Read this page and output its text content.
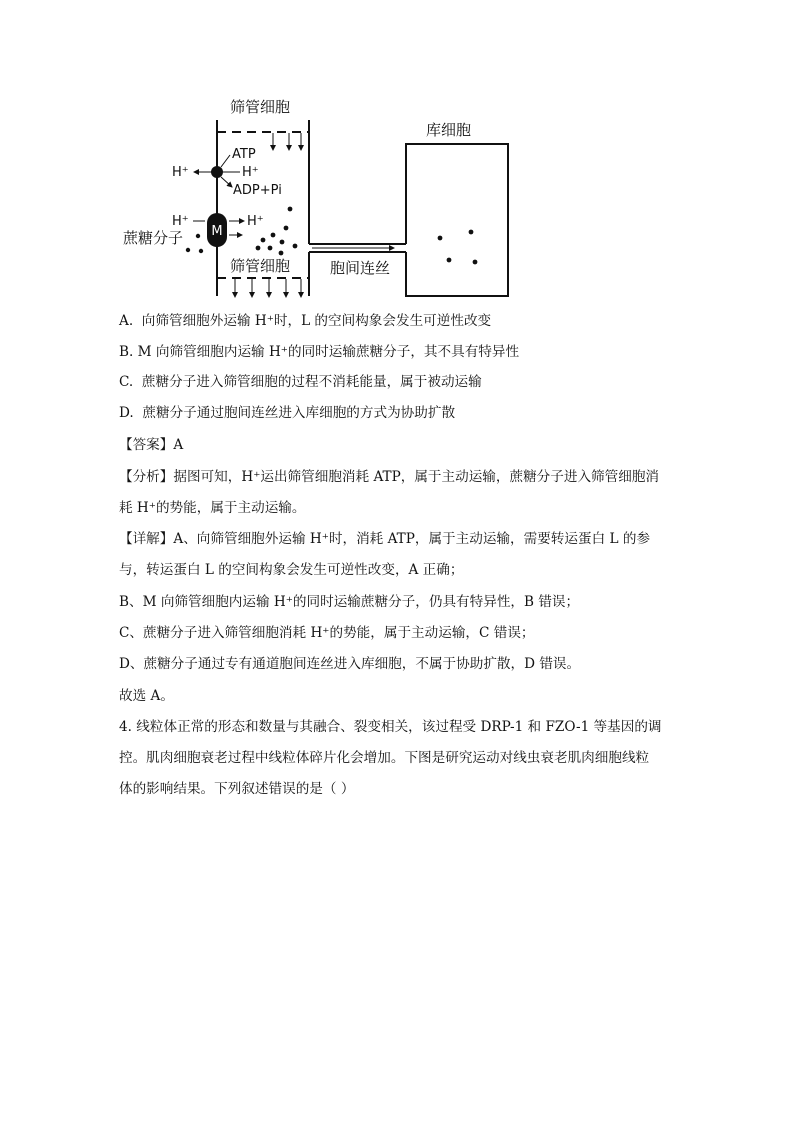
筛管细胞
ATP
H⁺	H⁺
ADP+Pi
M
H⁺	H⁺
蔗糖分子
筛管细胞	胞间连丝
库细胞
A. 向筛管细胞外运输 H⁺时，L 的空间构象会发生可逆性改变
B. M 向筛管细胞内运输 H⁺的同时运输蔗糖分子，其不具有特异性
C. 蔗糖分子进入筛管细胞的过程不消耗能量，属于被动运输
D. 蔗糖分子通过胞间连丝进入库细胞的方式为协助扩散
【答案】A
【分析】据图可知，H⁺运出筛管细胞消耗 ATP，属于主动运输，蔗糖分子进入筛管细胞消
耗 H⁺的势能，属于主动运输。
【详解】A、向筛管细胞外运输 H⁺时，消耗 ATP，属于主动运输，需要转运蛋白 L 的参
与，转运蛋白 L 的空间构象会发生可逆性改变，A 正确；
B、M 向筛管细胞内运输 H⁺的同时运输蔗糖分子，仍具有特异性，B 错误；
C、蔗糖分子进入筛管细胞消耗 H⁺的势能，属于主动运输，C 错误；
D、蔗糖分子通过专有通道胞间连丝进入库细胞，不属于协助扩散，D 错误。
故选 A。
4. 线粒体正常的形态和数量与其融合、裂变相关，该过程受 DRP-1 和 FZO-1 等基因的调
控。肌肉细胞衰老过程中线粒体碎片化会增加。下图是研究运动对线虫衰老肌肉细胞线粒
体的影响结果。下列叙述错误的是（ ）
